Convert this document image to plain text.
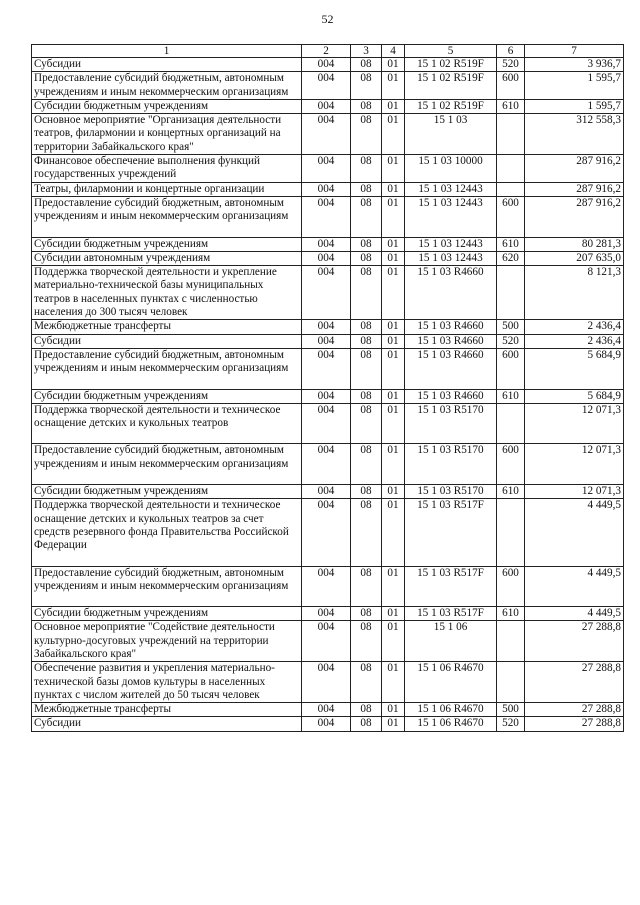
52
1	2	3	4	5	6	7
Субсидии	004	08	01	15 1 02 R519F	520	3 936,7
Предоставление субсидий бюджетным, автономным учреждениям и иным некоммерческим организациям	004	08	01	15 1 02 R519F	600	1 595,7
Субсидии бюджетным учреждениям	004	08	01	15 1 02 R519F	610	1 595,7
Основное мероприятие "Организация деятельности театров, филармонии и концертных организаций на территории Забайкальского края"	004	08	01	15 1 03		312 558,3
Финансовое обеспечение выполнения функций государственных учреждений	004	08	01	15 1 03 10000		287 916,2
Театры, филармонии и концертные организации	004	08	01	15 1 03 12443		287 916,2
Предоставление субсидий бюджетным, автономным учреждениям и иным некоммерческим организациям	004	08	01	15 1 03 12443	600	287 916,2
Субсидии бюджетным учреждениям	004	08	01	15 1 03 12443	610	80 281,3
Субсидии автономным учреждениям	004	08	01	15 1 03 12443	620	207 635,0
Поддержка творческой деятельности и укрепление материально-технической базы муниципальных театров в населенных пунктах с численностью населения до 300 тысяч человек	004	08	01	15 1 03 R4660		8 121,3
Межбюджетные трансферты	004	08	01	15 1 03 R4660	500	2 436,4
Субсидии	004	08	01	15 1 03 R4660	520	2 436,4
Предоставление субсидий бюджетным, автономным учреждениям и иным некоммерческим организациям	004	08	01	15 1 03 R4660	600	5 684,9
Субсидии бюджетным учреждениям	004	08	01	15 1 03 R4660	610	5 684,9
Поддержка творческой деятельности и техническое оснащение детских и кукольных театров	004	08	01	15 1 03 R5170		12 071,3
Предоставление субсидий бюджетным, автономным учреждениям и иным некоммерческим организациям	004	08	01	15 1 03 R5170	600	12 071,3
Субсидии бюджетным учреждениям	004	08	01	15 1 03 R5170	610	12 071,3
Поддержка творческой деятельности и техническое оснащение детских и кукольных театров за счет средств резервного фонда Правительства Российской Федерации	004	08	01	15 1 03 R517F		4 449,5
Предоставление субсидий бюджетным, автономным учреждениям и иным некоммерческим организациям	004	08	01	15 1 03 R517F	600	4 449,5
Субсидии бюджетным учреждениям	004	08	01	15 1 03 R517F	610	4 449,5
Основное мероприятие "Содействие деятельности культурно-досуговых учреждений на территории Забайкальского края"	004	08	01	15 1 06		27 288,8
Обеспечение развития и укрепления материально-технической базы домов культуры в населенных пунктах с числом жителей до 50 тысяч человек	004	08	01	15 1 06 R4670		27 288,8
Межбюджетные трансферты	004	08	01	15 1 06 R4670	500	27 288,8
Субсидии	004	08	01	15 1 06 R4670	520	27 288,8
